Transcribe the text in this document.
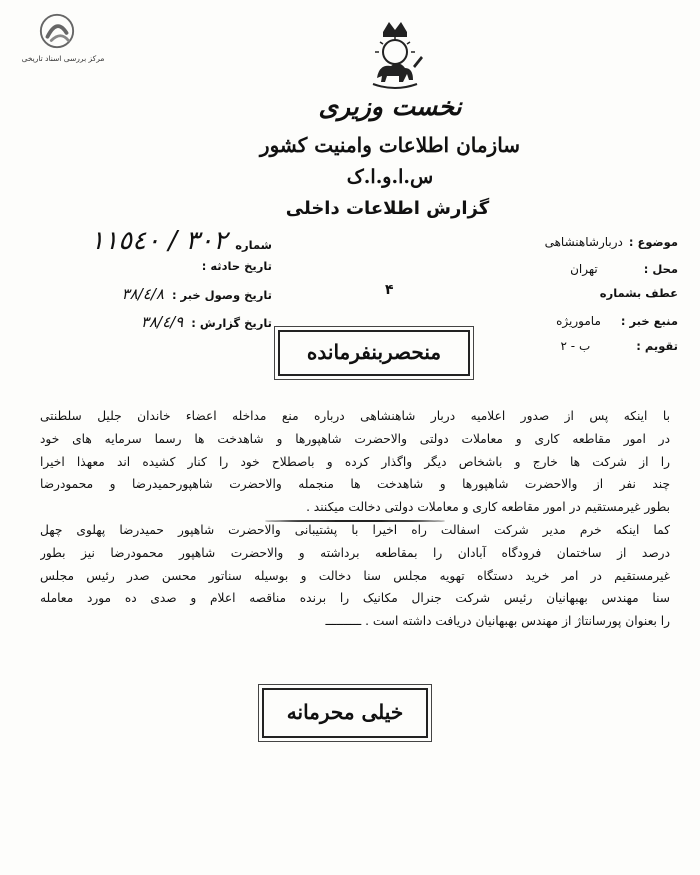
مرکز بررسی اسناد تاریخی
نخست وزیری
سازمان اطلاعات وامنیت کشور
س.ا.و.ا.ک
گزارش اطلاعات داخلی
موضوع :
دربارشاهنشاهی
محل :
تهران
عطف بشماره
منبع خبر :
ماموریژه
تقویم :
ب - ٢
شماره
٣٠٢ / ١١٥٤٠
تاریخ حادثه :
تاریخ وصول خبر :
٣٨/٤/٨
تاریخ گزارش :
٣٨/٤/٩
۴
منحصربنفرمانده
با اینکه پس از صدور اعلامیه دربار شاهنشاهی درباره منع مداخله اعضاء خاندان جلیل سلطنتی
در امور مقاطعه کاری و معاملات دولتی والاحضرت شاهپورها و شاهدخت ها رسما سرمایه های خود
را از شرکت ها خارج و باشخاص دیگر واگذار کرده و باصطلاح خود را کنار کشیده اند معهذا اخیرا
چند نفر از والاحضرت شاهپورها و شاهدخت ها منجمله والاحضرت شاهپورحمیدرضا و محمودرضا
بطور غیرمستقیم در امور مقاطعه کاری و معاملات دولتی دخالت میکنند .
کما اینکه خرم مدیر شرکت اسفالت راه اخیرا با پشتیبانی والاحضرت شاهپور حمیدرضا پهلوی چهل
درصد از ساختمان فرودگاه آبادان را بمقاطعه برداشته و والاحضرت شاهپور محمودرضا نیز بطور
غیرمستقیم در امر خرید دستگاه تهویه مجلس سنا دخالت و بوسیله سناتور محسن صدر رئیس مجلس
سنا مهندس بهبهانیان رئیس شرکت جنرال مکانیک را برنده مناقصه اعلام و صدی ده مورد معامله
را بعنوان پورسانتاژ از مهندس بهبهانیان دریافت داشته است . ــــــــــ
خیلی محرمانه
